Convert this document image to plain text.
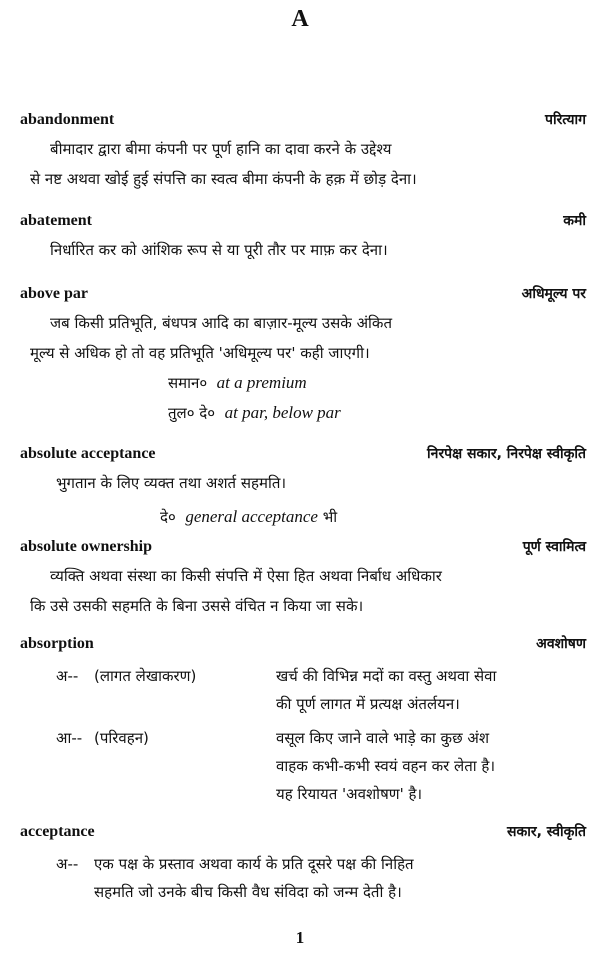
A
abandonment	परित्याग
बीमादार द्वारा बीमा कंपनी पर पूर्ण हानि का दावा करने के उद्देश्य
से नष्ट अथवा खोई हुई संपत्ति का स्वत्व बीमा कंपनी के हक़ में छोड़ देना।
abatement	कमी
निर्धारित कर को आंशिक रूप से या पूरी तौर पर माफ़ कर देना।
above par	अधिमूल्य पर
जब किसी प्रतिभूति, बंधपत्र आदि का बाज़ार-मूल्य उसके अंकित
मूल्य से अधिक हो तो वह प्रतिभूति 'अधिमूल्य पर' कही जाएगी।
समान० at a premium
तुल० दे० at par, below par
absolute acceptance	निरपेक्ष सकार, निरपेक्ष स्वीकृति
भुगतान के लिए व्यक्त तथा अशर्त सहमति।
दे० general acceptance भी
absolute ownership	पूर्ण स्वामित्व
व्यक्ति अथवा संस्था का किसी संपत्ति में ऐसा हित अथवा निर्बाध अधिकार
कि उसे उसकी सहमति के बिना उससे वंचित न किया जा सके।
absorption	अवशोषण
अ--	(लागत लेखाकरण)	खर्च की विभिन्न मदों का वस्तु अथवा सेवा
की पूर्ण लागत में प्रत्यक्ष अंतर्लयन।
आ-- (परिवहन)	वसूल किए जाने वाले भाड़े का कुछ अंश
वाहक कभी-कभी स्वयं वहन कर लेता है।
यह रियायत 'अवशोषण' है।
acceptance	सकार, स्वीकृति
अ--	एक पक्ष के प्रस्ताव अथवा कार्य के प्रति दूसरे पक्ष की निहित
सहमति जो उनके बीच किसी वैध संविदा को जन्म देती है।
1
